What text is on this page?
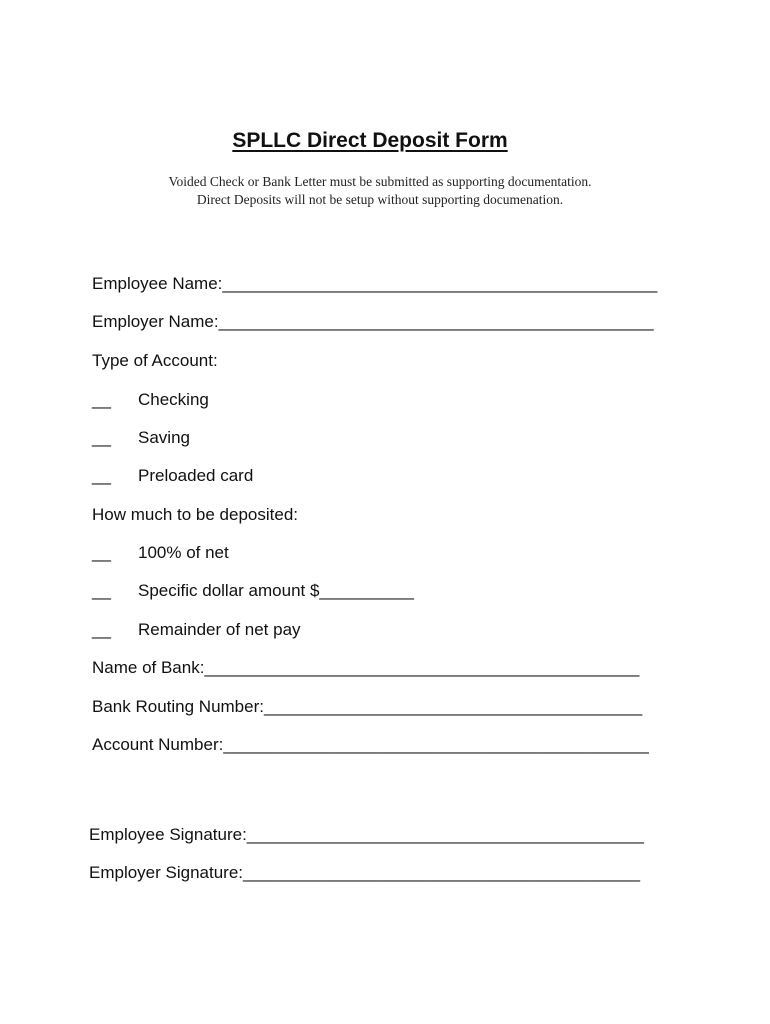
SPLLC Direct Deposit Form
Voided Check or Bank Letter must be submitted as supporting documentation.
Direct Deposits will not be setup without supporting documenation.
Employee Name:______________________________________________
Employer Name:______________________________________________
Type of Account:
__ Checking
__ Saving
__ Preloaded card
How much to be deposited:
__ 100% of net
__ Specific dollar amount $__________
__ Remainder of net pay
Name of Bank:______________________________________________
Bank Routing Number:________________________________________
Account Number:_____________________________________________
Employee Signature:__________________________________________
Employer Signature:__________________________________________
